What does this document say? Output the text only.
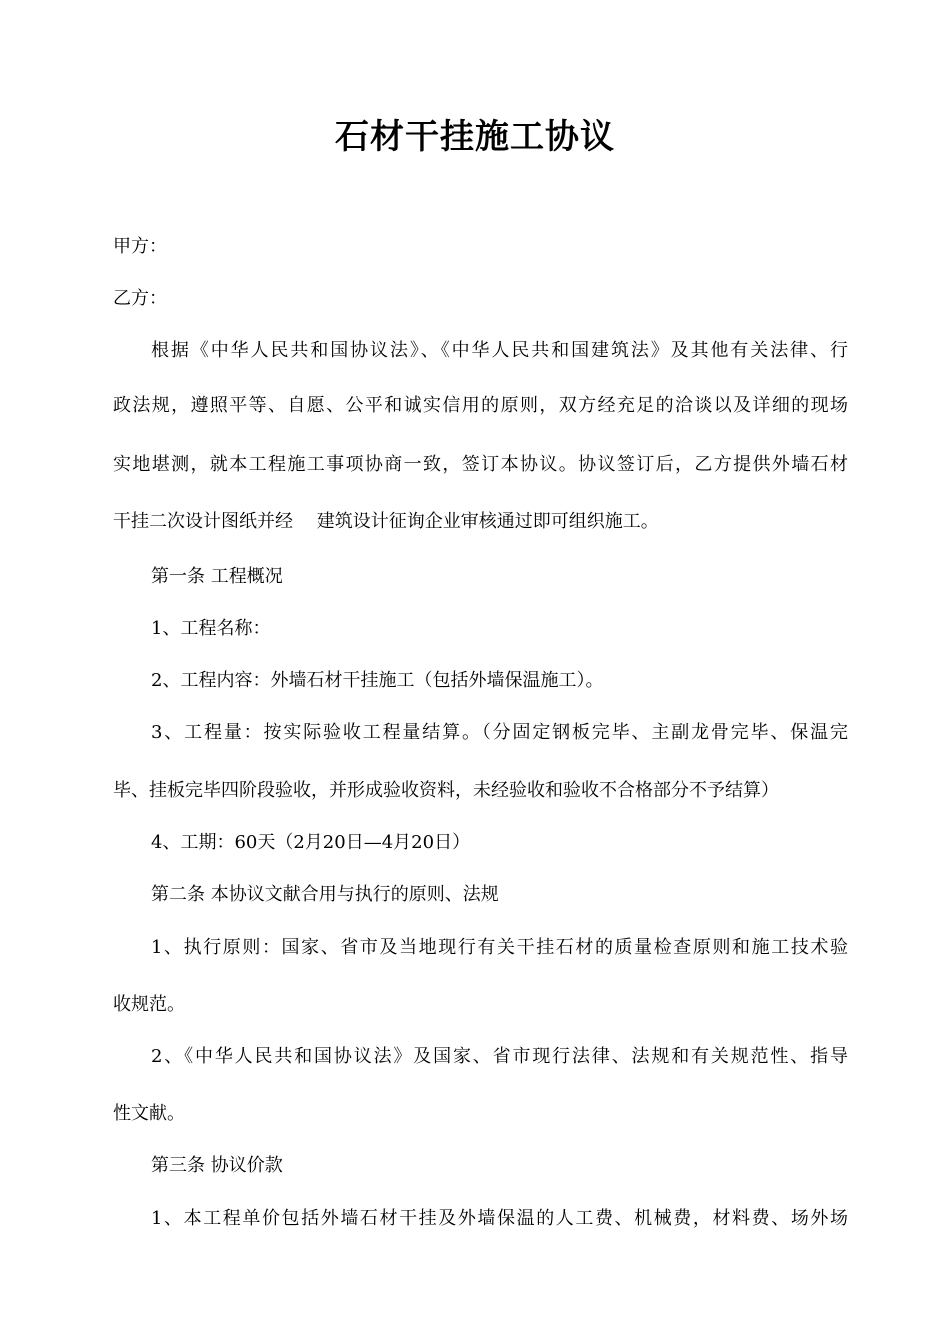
石材干挂施工协议
甲方：
乙方：
根据《中华人民共和国协议法》、《中华人民共和国建筑法》及其他有关法律、行
政法规，遵照平等、自愿、公平和诚实信用的原则，双方经充足的洽谈以及详细的现场
实地堪测，就本工程施工事项协商一致，签订本协议。协议签订后，乙方提供外墙石材
干挂二次设计图纸并经　 建筑设计征询企业审核通过即可组织施工。
第一条 工程概况
1、工程名称：
2、工程内容：外墙石材干挂施工（包括外墙保温施工）。
3、工程量：按实际验收工程量结算。（分固定钢板完毕、主副龙骨完毕、保温完
毕、挂板完毕四阶段验收，并形成验收资料，未经验收和验收不合格部分不予结算）
4、工期：60天（2月20日—4月20日）
第二条 本协议文献合用与执行的原则、法规
1、执行原则：国家、省市及当地现行有关干挂石材的质量检查原则和施工技术验
收规范。
2、《中华人民共和国协议法》及国家、省市现行法律、法规和有关规范性、指导
性文献。
第三条 协议价款
1、本工程单价包括外墙石材干挂及外墙保温的人工费、机械费，材料费、场外场
